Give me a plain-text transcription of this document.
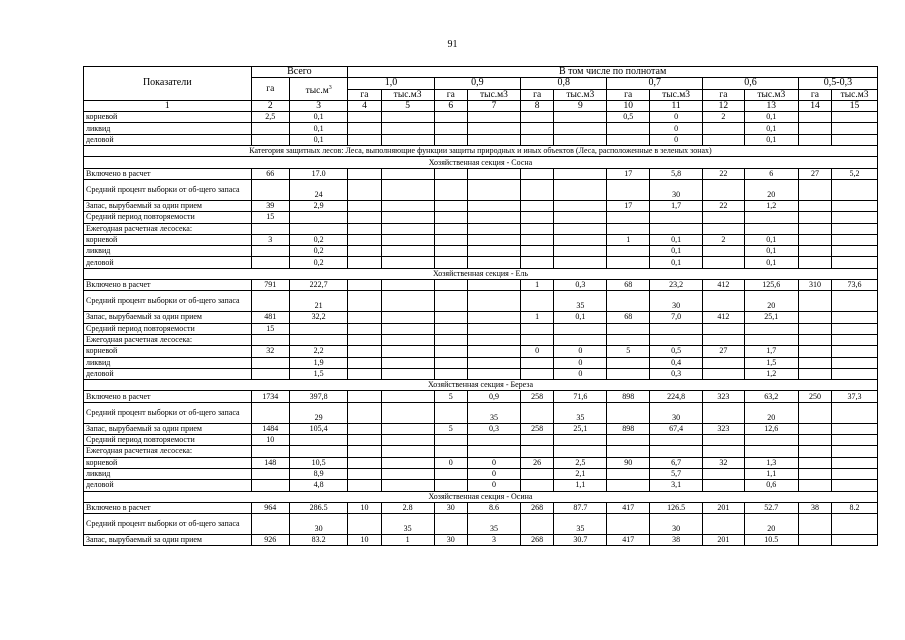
91
Показатели	Всего		В том числе по полнотам											
	га	$тыс.м^3$	1,0		0,9		0,8		0,7		0,6		0,5-0,3	
			га	тыс.м3	га	тыс.м3	га	тыс.м3	га	тыс.м3	га	тыс.м3	га	тыс.м3
1	2	3	4	5	6	7	8	9	10	11	12	13	14	15
корневой	2,5	0,1							0,5	0	2	0,1		
ликвид		0,1								0		0,1		
деловой		0,1								0		0,1		
Категория защитных лесов: Леса, выполняющие функции защиты природных и иных объектов (Леса, расположенные в зеленых зонах)														
Хозяйственная секция - Сосна														
Включено в расчет	66	17.0							17	5,8	22	6	27	5,2
Средний процент выборки от об-щего запаса		24								30		20		
Запас, вырубаемый за один прием	39	2,9							17	1,7	22	1,2		
Средний период повторяемости	15													
Ежегодная расчетная лесосека:														
корневой	3	0,2							1	0,1	2	0,1		
ликвид		0,2								0,1		0,1		
деловой		0,2								0,1		0,1		
Хозяйственная секция - Ель														
Включено в расчет	791	222,7					1	0,3	68	23,2	412	125,6	310	73,6
Средний процент выборки от об-щего запаса		21						35		30		20		
Запас, вырубаемый за один прием	481	32,2					1	0,1	68	7,0	412	25,1		
Средний период повторяемости	15													
Ежегодная расчетная лесосека:														
корневой	32	2,2					0	0	5	0,5	27	1,7		
ликвид		1,9						0		0,4		1,5		
деловой		1,5						0		0,3		1,2		
Хозяйственная секция - Береза														
Включено в расчет	1734	397,8			5	0,9	258	71,6	898	224,8	323	63,2	250	37,3
Средний процент выборки от об-щего запаса		29				35		35		30		20		
Запас, вырубаемый за один прием	1484	105,4			5	0,3	258	25,1	898	67,4	323	12,6		
Средний период повторяемости	10													
Ежегодная расчетная лесосека:														
корневой	148	10,5			0	0	26	2,5	90	6,7	32	1,3		
ликвид		8,9				0		2,1		5,7		1,1		
деловой		4,8				0		1,1		3,1		0,6		
Хозяйственная секция - Осина														
Включено в расчет	964	286.5	10	2.8	30	8.6	268	87.7	417	126.5	201	52.7	38	8.2
Средний процент выборки от об-щего запаса		30		35		35		35		30		20		
Запас, вырубаемый за один прием	926	83.2	10	1	30	3	268	30.7	417	38	201	10.5		
